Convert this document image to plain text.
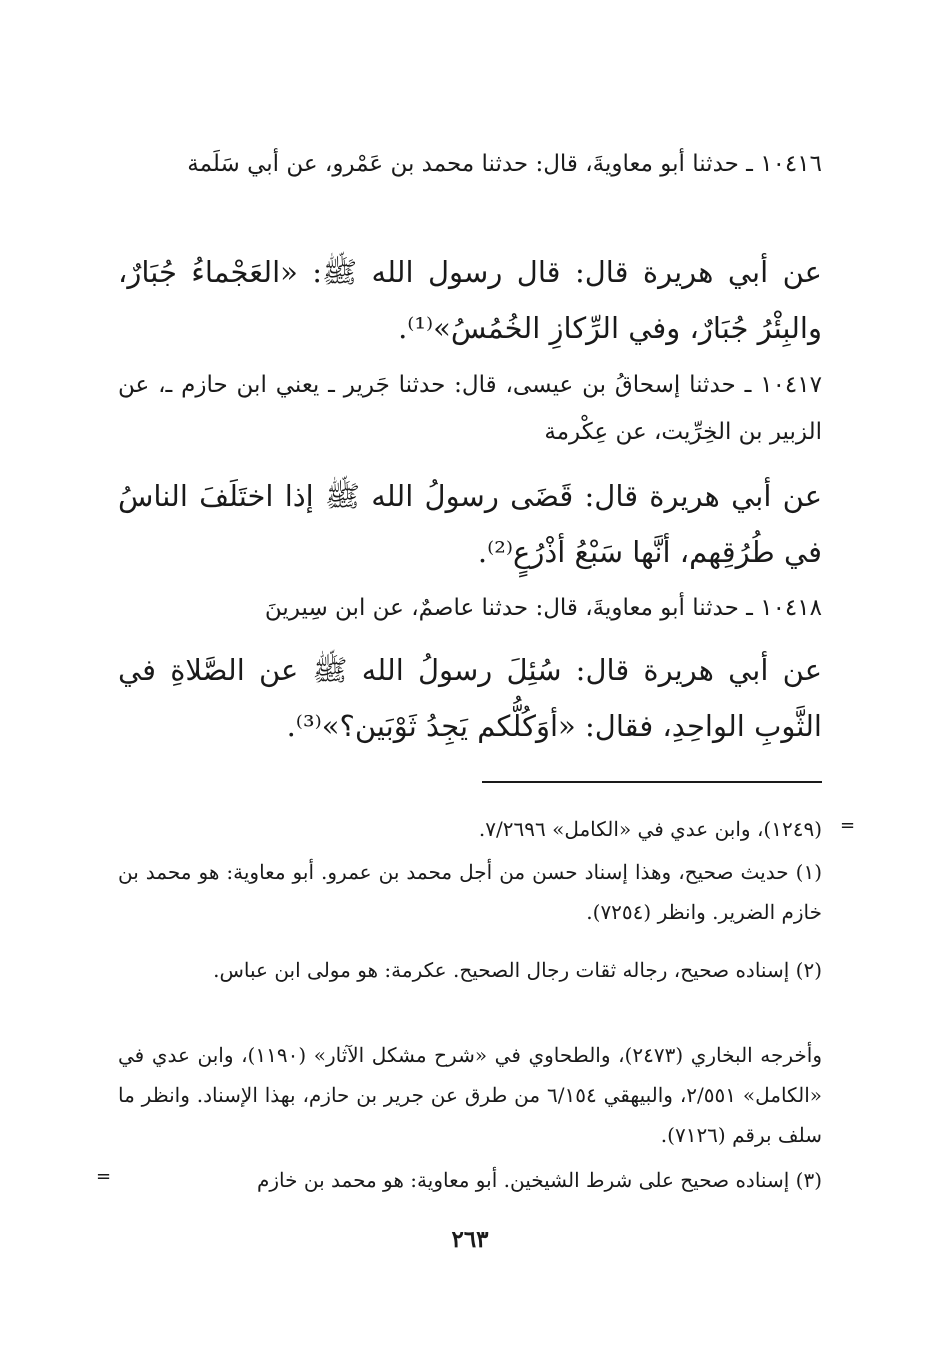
١٠٤١٦ ـ حدثنا أبو معاويةَ، قال: حدثنا محمد بن عَمْرو، عن أبي سَلَمة

عن أبي هريرة قال: قال رسول الله ﷺ: «العَجْماءُ جُبَارٌ، والبِئْرُ جُبَارٌ، وفي الرِّكازِ الخُمُسُ»⁽¹⁾.

١٠٤١٧ ـ حدثنا إسحاقُ بن عيسى، قال: حدثنا جَرير ـ يعني ابن حازم ـ، عن الزبير بن الخِرِّيت، عن عِكْرمة

عن أبي هريرة قال: قَضَى رسولُ الله ﷺ إذا اختَلَفَ الناسُ في طُرُقِهم، أنَّها سَبْعُ أذْرُعٍ⁽²⁾.

١٠٤١٨ ـ حدثنا أبو معاويةَ، قال: حدثنا عاصمٌ، عن ابن سِيرينَ

عن أبي هريرة قال: سُئِلَ رسولُ الله ﷺ عن الصَّلاةِ في الثَّوبِ الواحِدِ، فقال: «أوَكُلُّكم يَجِدُ ثَوْبَين؟»⁽³⁾.

=

(١٢٤٩)، وابن عدي في «الكامل» ٧/٢٦٩٦.

(١) حديث صحيح، وهذا إسناد حسن من أجل محمد بن عمرو. أبو معاوية: هو محمد بن خازم الضرير. وانظر (٧٢٥٤).

(٢) إسناده صحيح، رجاله ثقات رجال الصحيح. عكرمة: هو مولى ابن عباس.

وأخرجه البخاري (٢٤٧٣)، والطحاوي في «شرح مشكل الآثار» (١١٩٠)، وابن عدي في «الكامل» ٢/٥٥١، والبيهقي ٦/١٥٤ من طرق عن جرير بن حازم، بهذا الإسناد. وانظر ما سلف برقم (٧١٢٦).

(٣) إسناده صحيح على شرط الشيخين. أبو معاوية: هو محمد بن خازم

=
٢٦٣
